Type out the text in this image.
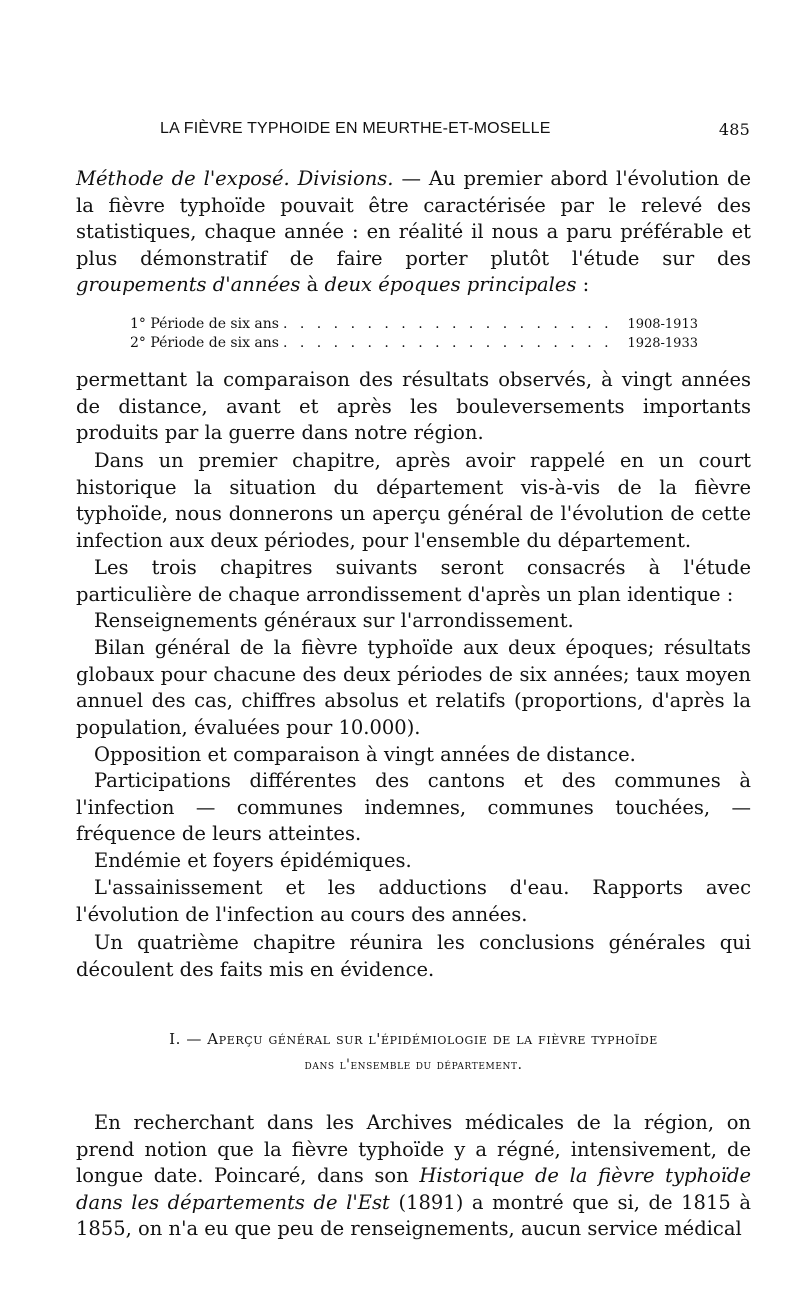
LA FIÈVRE TYPHOIDE EN MEURTHE-ET-MOSELLE	485

Méthode de l'exposé. Divisions. — Au premier abord l'évolution de la fièvre typhoïde pouvait être caractérisée par le relevé des statistiques, chaque année : en réalité il nous a paru préférable et plus démonstratif de faire porter plutôt l'étude sur des groupements d'années à deux époques principales :

1° Période de six ans . . .	1908-1913
2° Période de six ans . . .	1928-1933

permettant la comparaison des résultats observés, à vingt années de distance, avant et après les bouleversements importants produits par la guerre dans notre région.

Dans un premier chapitre, après avoir rappelé en un court historique la situation du département vis-à-vis de la fièvre typhoïde, nous donnerons un aperçu général de l'évolution de cette infection aux deux périodes, pour l'ensemble du département.

Les trois chapitres suivants seront consacrés à l'étude particulière de chaque arrondissement d'après un plan identique :

Renseignements généraux sur l'arrondissement.

Bilan général de la fièvre typhoïde aux deux époques; résultats globaux pour chacune des deux périodes de six années; taux moyen annuel des cas, chiffres absolus et relatifs (proportions, d'après la population, évaluées pour 10.000).

Opposition et comparaison à vingt années de distance.

Participations différentes des cantons et des communes à l'infection — communes indemnes, communes touchées, — fréquence de leurs atteintes.

Endémie et foyers épidémiques.

L'assainissement et les adductions d'eau. Rapports avec l'évolution de l'infection au cours des années.

Un quatrième chapitre réunira les conclusions générales qui découlent des faits mis en évidence.

I. — Aperçu général sur l'épidémiologie de la fièvre typhoïde
dans l'ensemble du département.

En recherchant dans les Archives médicales de la région, on prend notion que la fièvre typhoïde y a régné, intensivement, de longue date. Poincaré, dans son Historique de la fièvre typhoïde dans les départements de l'Est (1891) a montré que si, de 1815 à 1855, on n'a eu que peu de renseignements, aucun service médical
